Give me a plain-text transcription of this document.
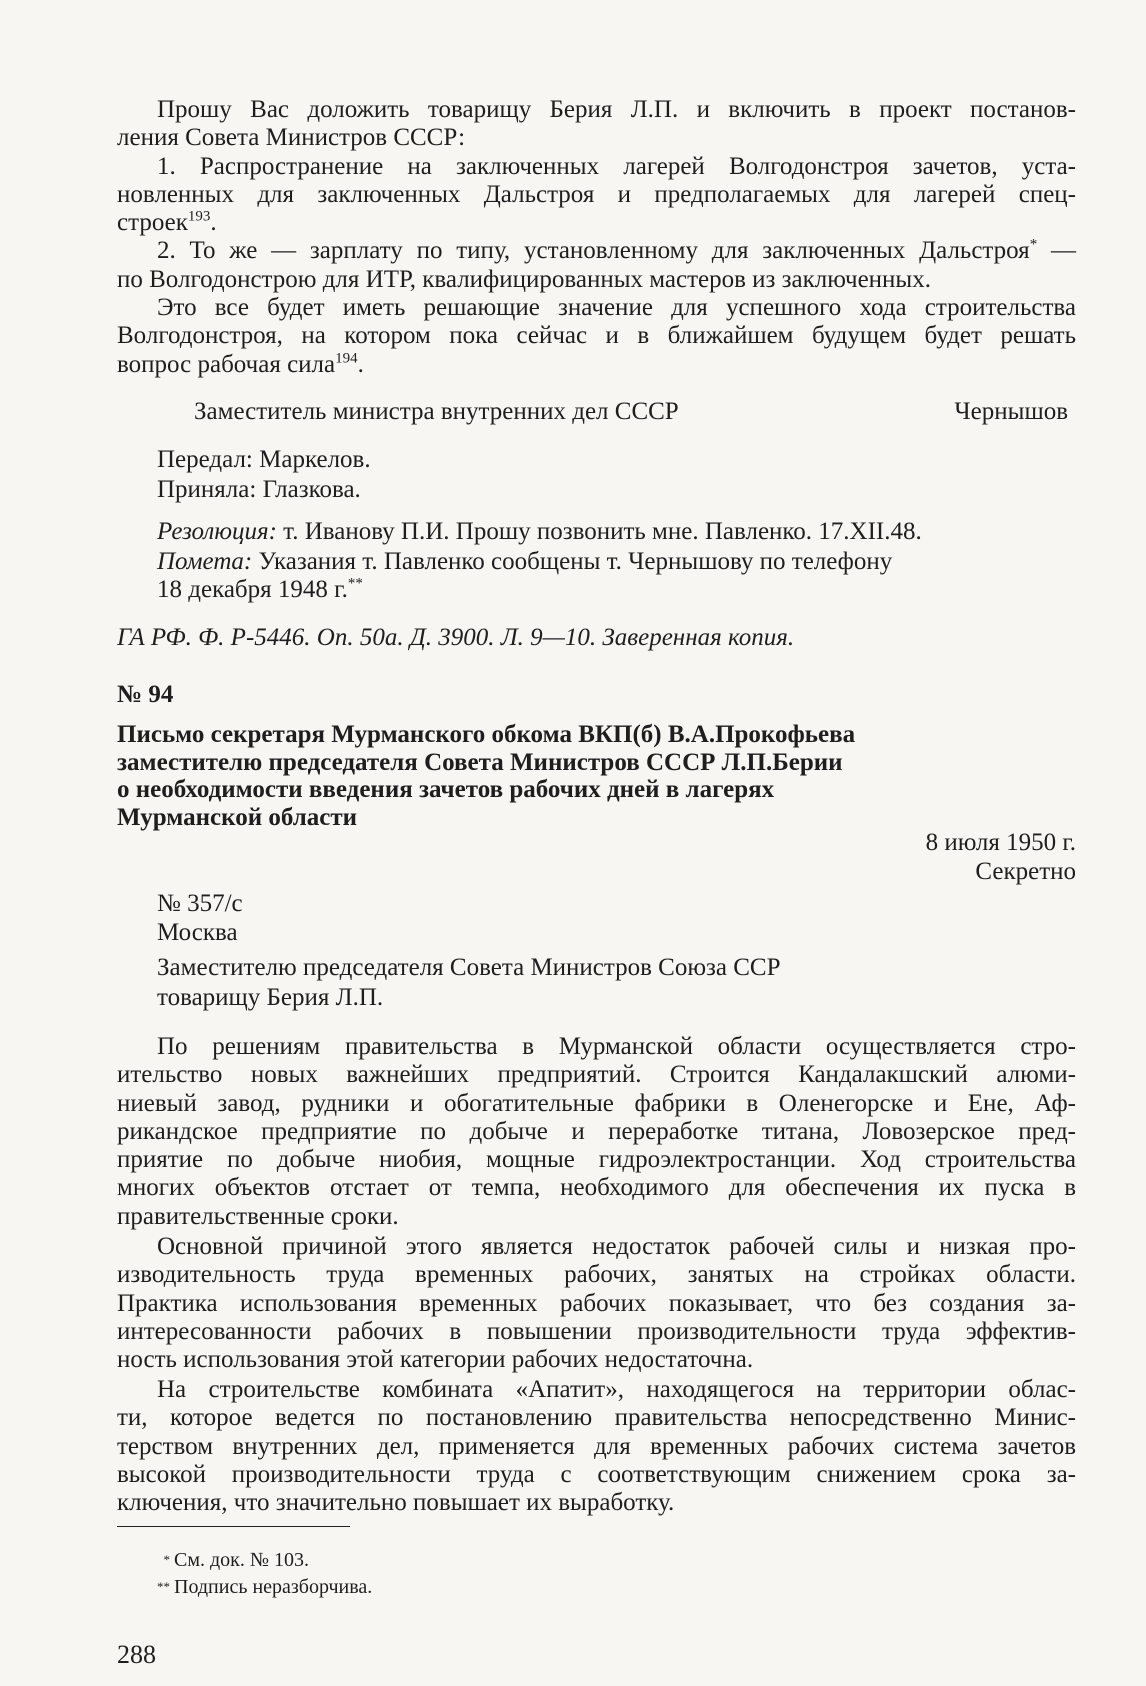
Прошу Вас доложить товарищу Берия Л.П. и включить в проект постанов-
ления Совета Министров СССР:
1. Распространение на заключенных лагерей Волгодонстроя зачетов, уста-
новленных для заключенных Дальстроя и предполагаемых для лагерей спец-
строек$^{193}$.
2. То же — зарплату по типу, установленному для заключенных Дальстроя* —
по Волгодонстрою для ИТР, квалифицированных мастеров из заключенных.
Это все будет иметь решающие значение для успешного хода строительства
Волгодонстроя, на котором пока сейчас и в ближайшем будущем будет решать
вопрос рабочая сила$^{194}$.
Заместитель министра внутренних дел СССР	Чернышов
Передал: Маркелов.
Принял​а: Глазкова.
Резолюция: т. Иванову П.И. Прошу позвонить мне. Павленко. 17.XII.48.
Пометa: Указания т. Павленко сообщены т. Чернышову по телефону
18 декабря 1948 г.**
ГА РФ. Ф. Р-5446. Оп. 50а. Д. 3900. Л. 9—10. Заверенная копия.
№ 94
Письмо секретаря Мурманского обкома ВКП(б) В.А.Прокофьева
заместителю председателя Совета Министров СССР Л.П.Берии
о необходимости введения зачетов рабочих дней в лагерях
Мурманской области
8 июля 1950 г.
Секретно
№ 357/с
Москва
Заместителю председателя Совета Министров Союза ССР
товарищу Берия Л.П.
По решениям правительства в Мурманской области осуществляется стро-
ительство новых важнейших предприятий. Строится Кандалакшский алюми-
ниевый завод, рудники и обогатительные фабрики в Оленегорске и Ене, Аф-
рикандское предприятие по добыче и переработке титана, Ловозерское пред-
приятие по добыче ниобия, мощные гидроэлектростанции. Ход строительства
многих объектов отстает от темпа, необходимого для обеспечения их пуска в
правительственные сроки.
Основной причиной этого является недостаток рабочей силы и низкая про-
изводительность труда временных рабочих, занятых на стройках области.
Практика использования временных рабочих показывает, что без создания за-
интересованности рабочих в повышении производительности труда эффектив-
ность использования этой категории рабочих недостаточна.
На строительстве комбината «Апатит», находящегося на территории облас-
ти, которое ведется по постановлению правительства непосредственно Минис-
терством внутренних дел, применяется для временных рабочих система зачетов
высокой производительности труда с соответствующим снижением срока за-
ключения, что значительно повышает их выработку.
* См. док. № 103.
** Подпись неразборчива.
288
